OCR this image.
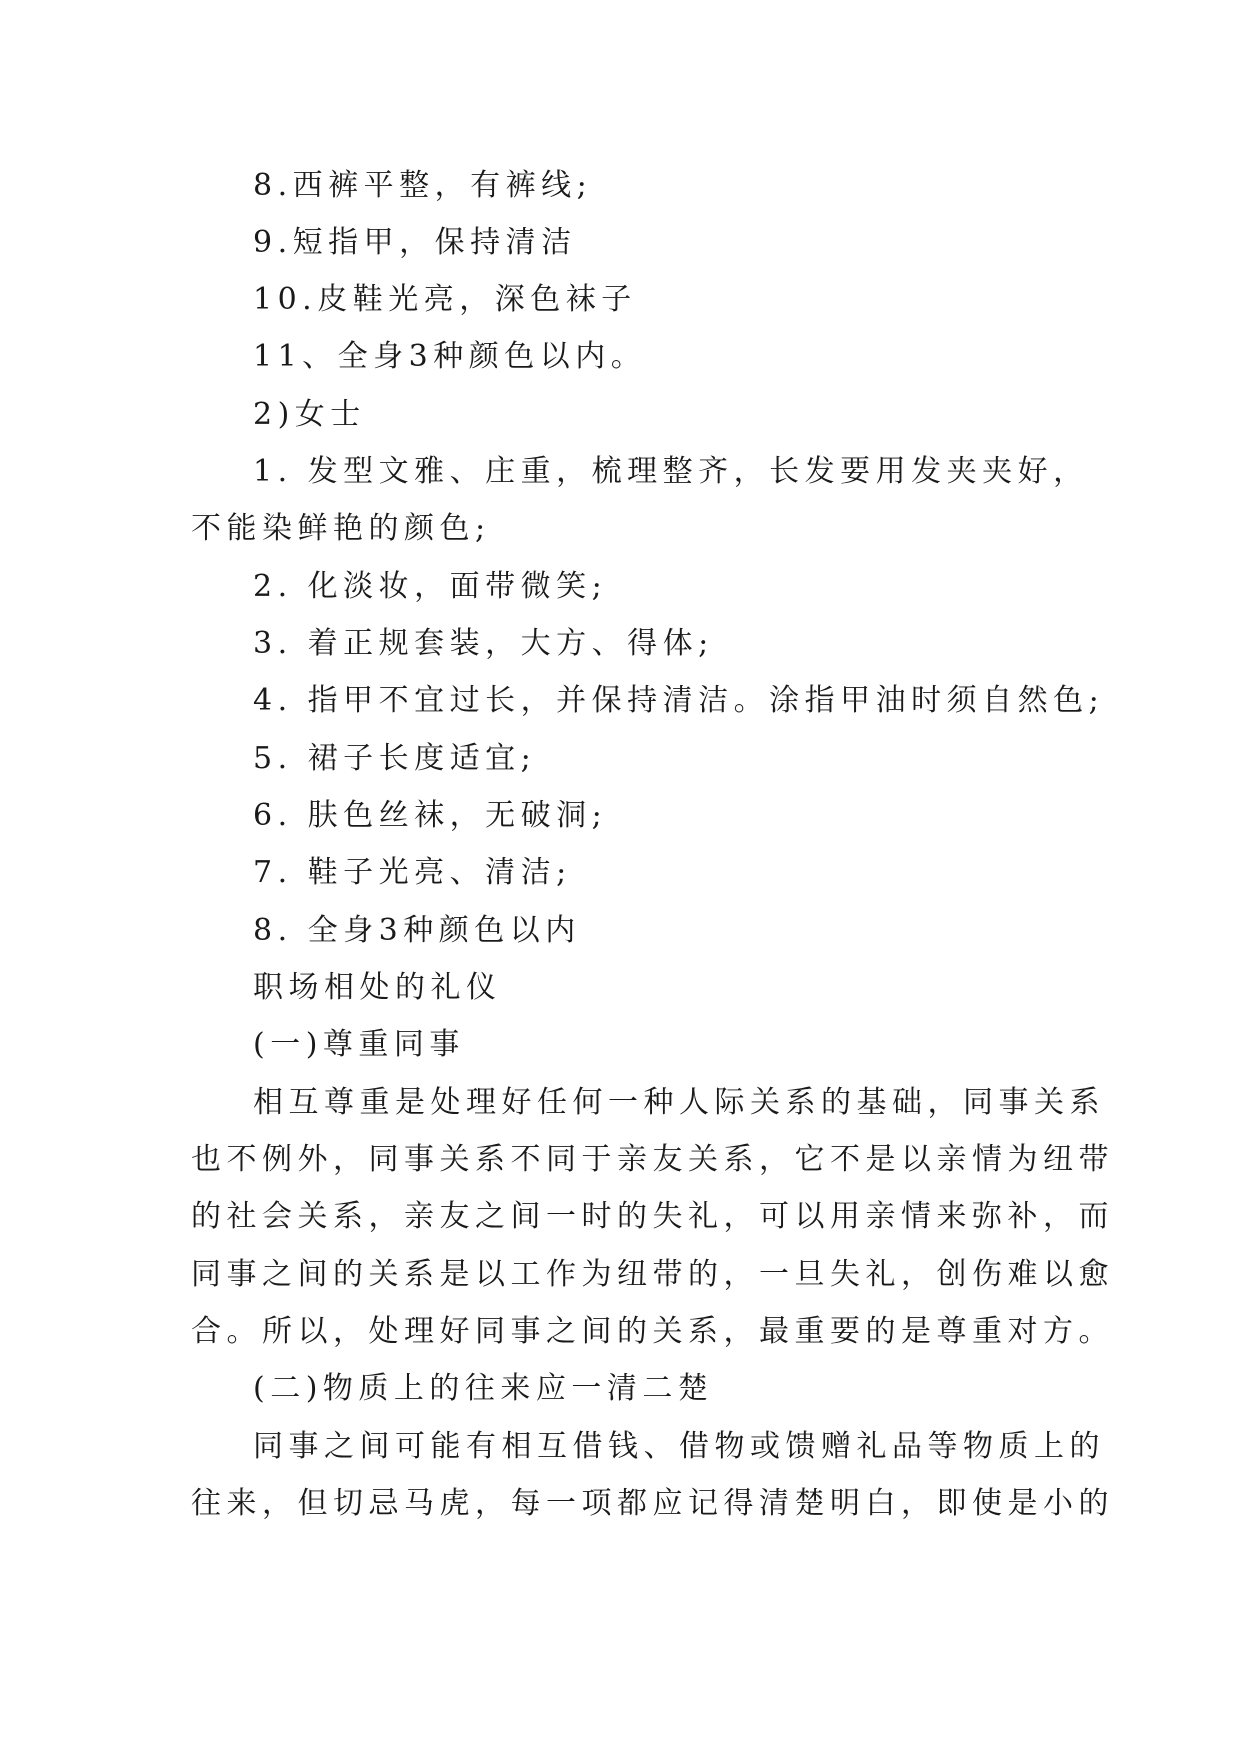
8.西裤平整，有裤线;
9.短指甲，保持清洁
10.皮鞋光亮，深色袜子
11、全身3种颜色以内。
2)女士
1. 发型文雅、庄重，梳理整齐，长发要用发夹夹好，
不能染鲜艳的颜色;
2. 化淡妆，面带微笑;
3. 着正规套装，大方、得体;
4. 指甲不宜过长，并保持清洁。涂指甲油时须自然色;
5. 裙子长度适宜;
6. 肤色丝袜，无破洞;
7. 鞋子光亮、清洁;
8. 全身3种颜色以内
职场相处的礼仪
(一)尊重同事
相互尊重是处理好任何一种人际关系的基础，同事关系
也不例外，同事关系不同于亲友关系，它不是以亲情为纽带
的社会关系，亲友之间一时的失礼，可以用亲情来弥补，而
同事之间的关系是以工作为纽带的，一旦失礼，创伤难以愈
合。所以，处理好同事之间的关系，最重要的是尊重对方。
(二)物质上的往来应一清二楚
同事之间可能有相互借钱、借物或馈赠礼品等物质上的
往来，但切忌马虎，每一项都应记得清楚明白，即使是小的
